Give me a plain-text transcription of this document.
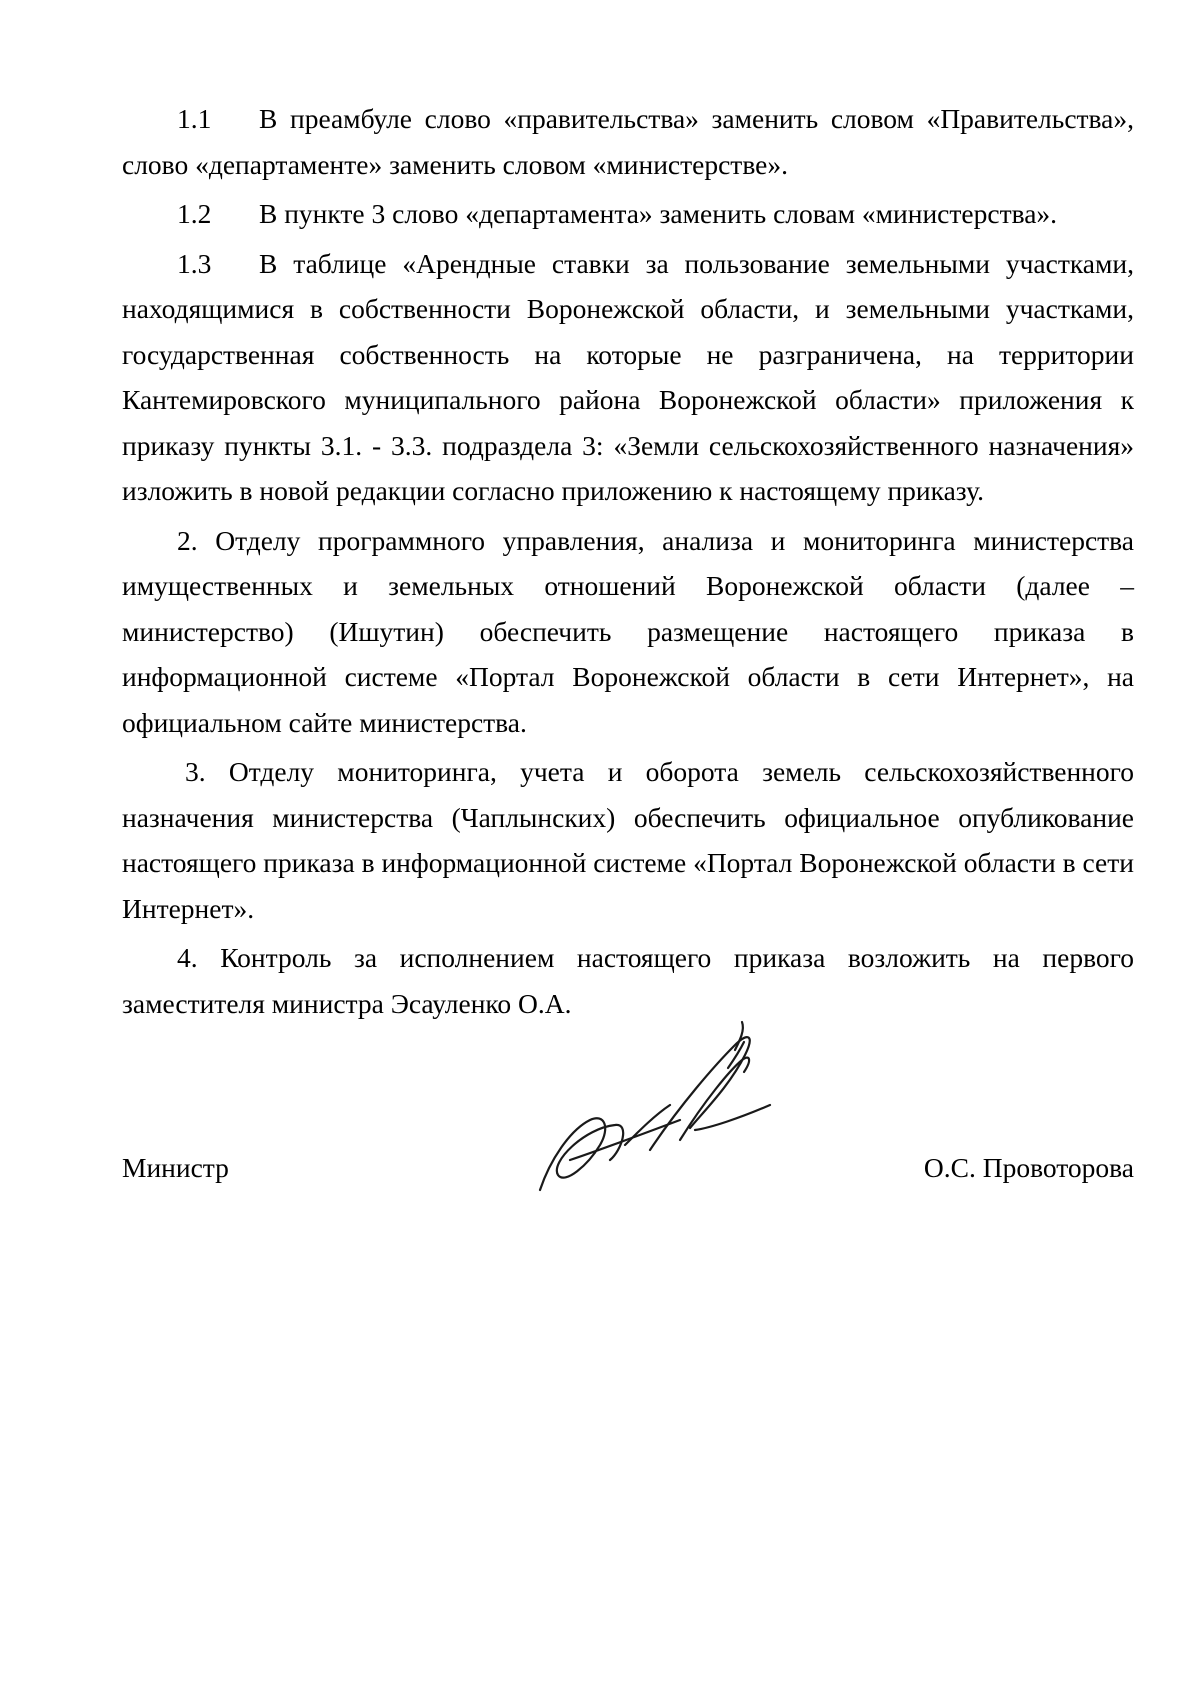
1.1 В преамбуле слово «правительства» заменить словом «Правительства», слово «департаменте» заменить словом «министерстве».

1.2 В пункте 3 слово «департамента» заменить словам «министерства».

1.3 В таблице «Арендные ставки за пользование земельными участками, находящимися в собственности Воронежской области, и земельными участками, государственная собственность на которые не разграничена, на территории Кантемировского муниципального района Воронежской области» приложения к приказу пункты 3.1. - 3.3. подраздела 3: «Земли сельскохозяйственного назначения» изложить в новой редакции согласно приложению к настоящему приказу.

2. Отделу программного управления, анализа и мониторинга министерства имущественных и земельных отношений Воронежской области (далее – министерство) (Ишутин) обеспечить размещение настоящего приказа в информационной системе «Портал Воронежской области в сети Интернет», на официальном сайте министерства.

3. Отделу мониторинга, учета и оборота земель сельскохозяйственного назначения министерства (Чаплынских) обеспечить официальное опубликование настоящего приказа в информационной системе «Портал Воронежской области в сети Интернет».

4. Контроль за исполнением настоящего приказа возложить на первого заместителя министра Эсауленко О.А.

Министр	О.С. Провоторова
